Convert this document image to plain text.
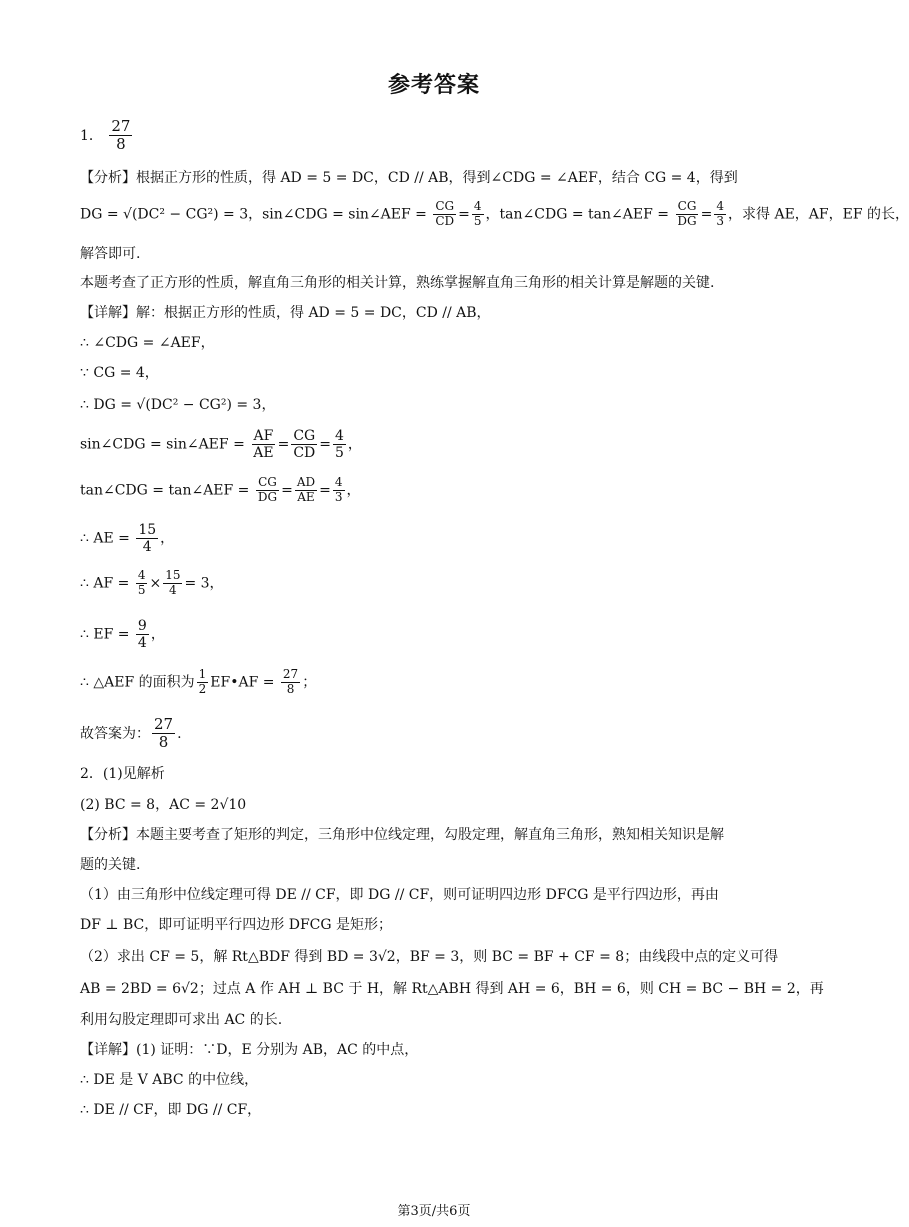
参考答案
1． $\frac{27}{8}$
【分析】根据正方形的性质，得 AD = 5 = DC，CD // AB，得到∠CDG = ∠AEF，结合 CG = 4，得到
DG = √(DC² − CG²) = 3，sin∠CDG = sin∠AEF = $\frac{CG}{CD} = \frac{4}{5}$ ，tan∠CDG = tan∠AEF = $\frac{CG}{DG} = \frac{4}{3}$ ，求得 AE，AF，EF 的长，
解答即可.
本题考查了正方形的性质，解直角三角形的相关计算，熟练掌握解直角三角形的相关计算是解题的关键.
【详解】解：根据正方形的性质，得 AD = 5 = DC，CD // AB，
∴ ∠CDG = ∠AEF，
∵ CG = 4，
∴ DG = √(DC² − CG²) = 3，
sin∠CDG = sin∠AEF = $\frac{AF}{AE} = \frac{CG}{CD} = \frac{4}{5}$ ，
tan∠CDG = tan∠AEF = $\frac{CG}{DG} = \frac{AD}{AE} = \frac{4}{3}$ ，
∴ AE = $\frac{15}{4}$ ，
∴ AF = $\frac{4}{5} \times \frac{15}{4} = 3$，
∴ EF = $\frac{9}{4}$ ，
∴ △AEF 的面积为 $\frac{1}{2}$ EF•AF = $\frac{27}{8}$ ；
故答案为： $\frac{27}{8}$ .
2．(1)见解析
(2) BC = 8，AC = 2√10
【分析】本题主要考查了矩形的判定，三角形中位线定理，勾股定理，解直角三角形，熟知相关知识是解
题的关键.
（1）由三角形中位线定理可得 DE // CF，即 DG // CF，则可证明四边形 DFCG 是平行四边形，再由
DF ⊥ BC，即可证明平行四边形 DFCG 是矩形；
（2）求出 CF = 5，解 Rt△BDF 得到 BD = 3√2，BF = 3，则 BC = BF + CF = 8；由线段中点的定义可得
AB = 2BD = 6√2；过点 A 作 AH ⊥ BC 于 H，解 Rt△ABH 得到 AH = 6，BH = 6，则 CH = BC − BH = 2，再
利用勾股定理即可求出 AC 的长.
【详解】(1) 证明：∵D，E 分别为 AB，AC 的中点，
∴ DE 是 V ABC 的中位线，
∴ DE // CF，即 DG // CF，
第3页/共6页
